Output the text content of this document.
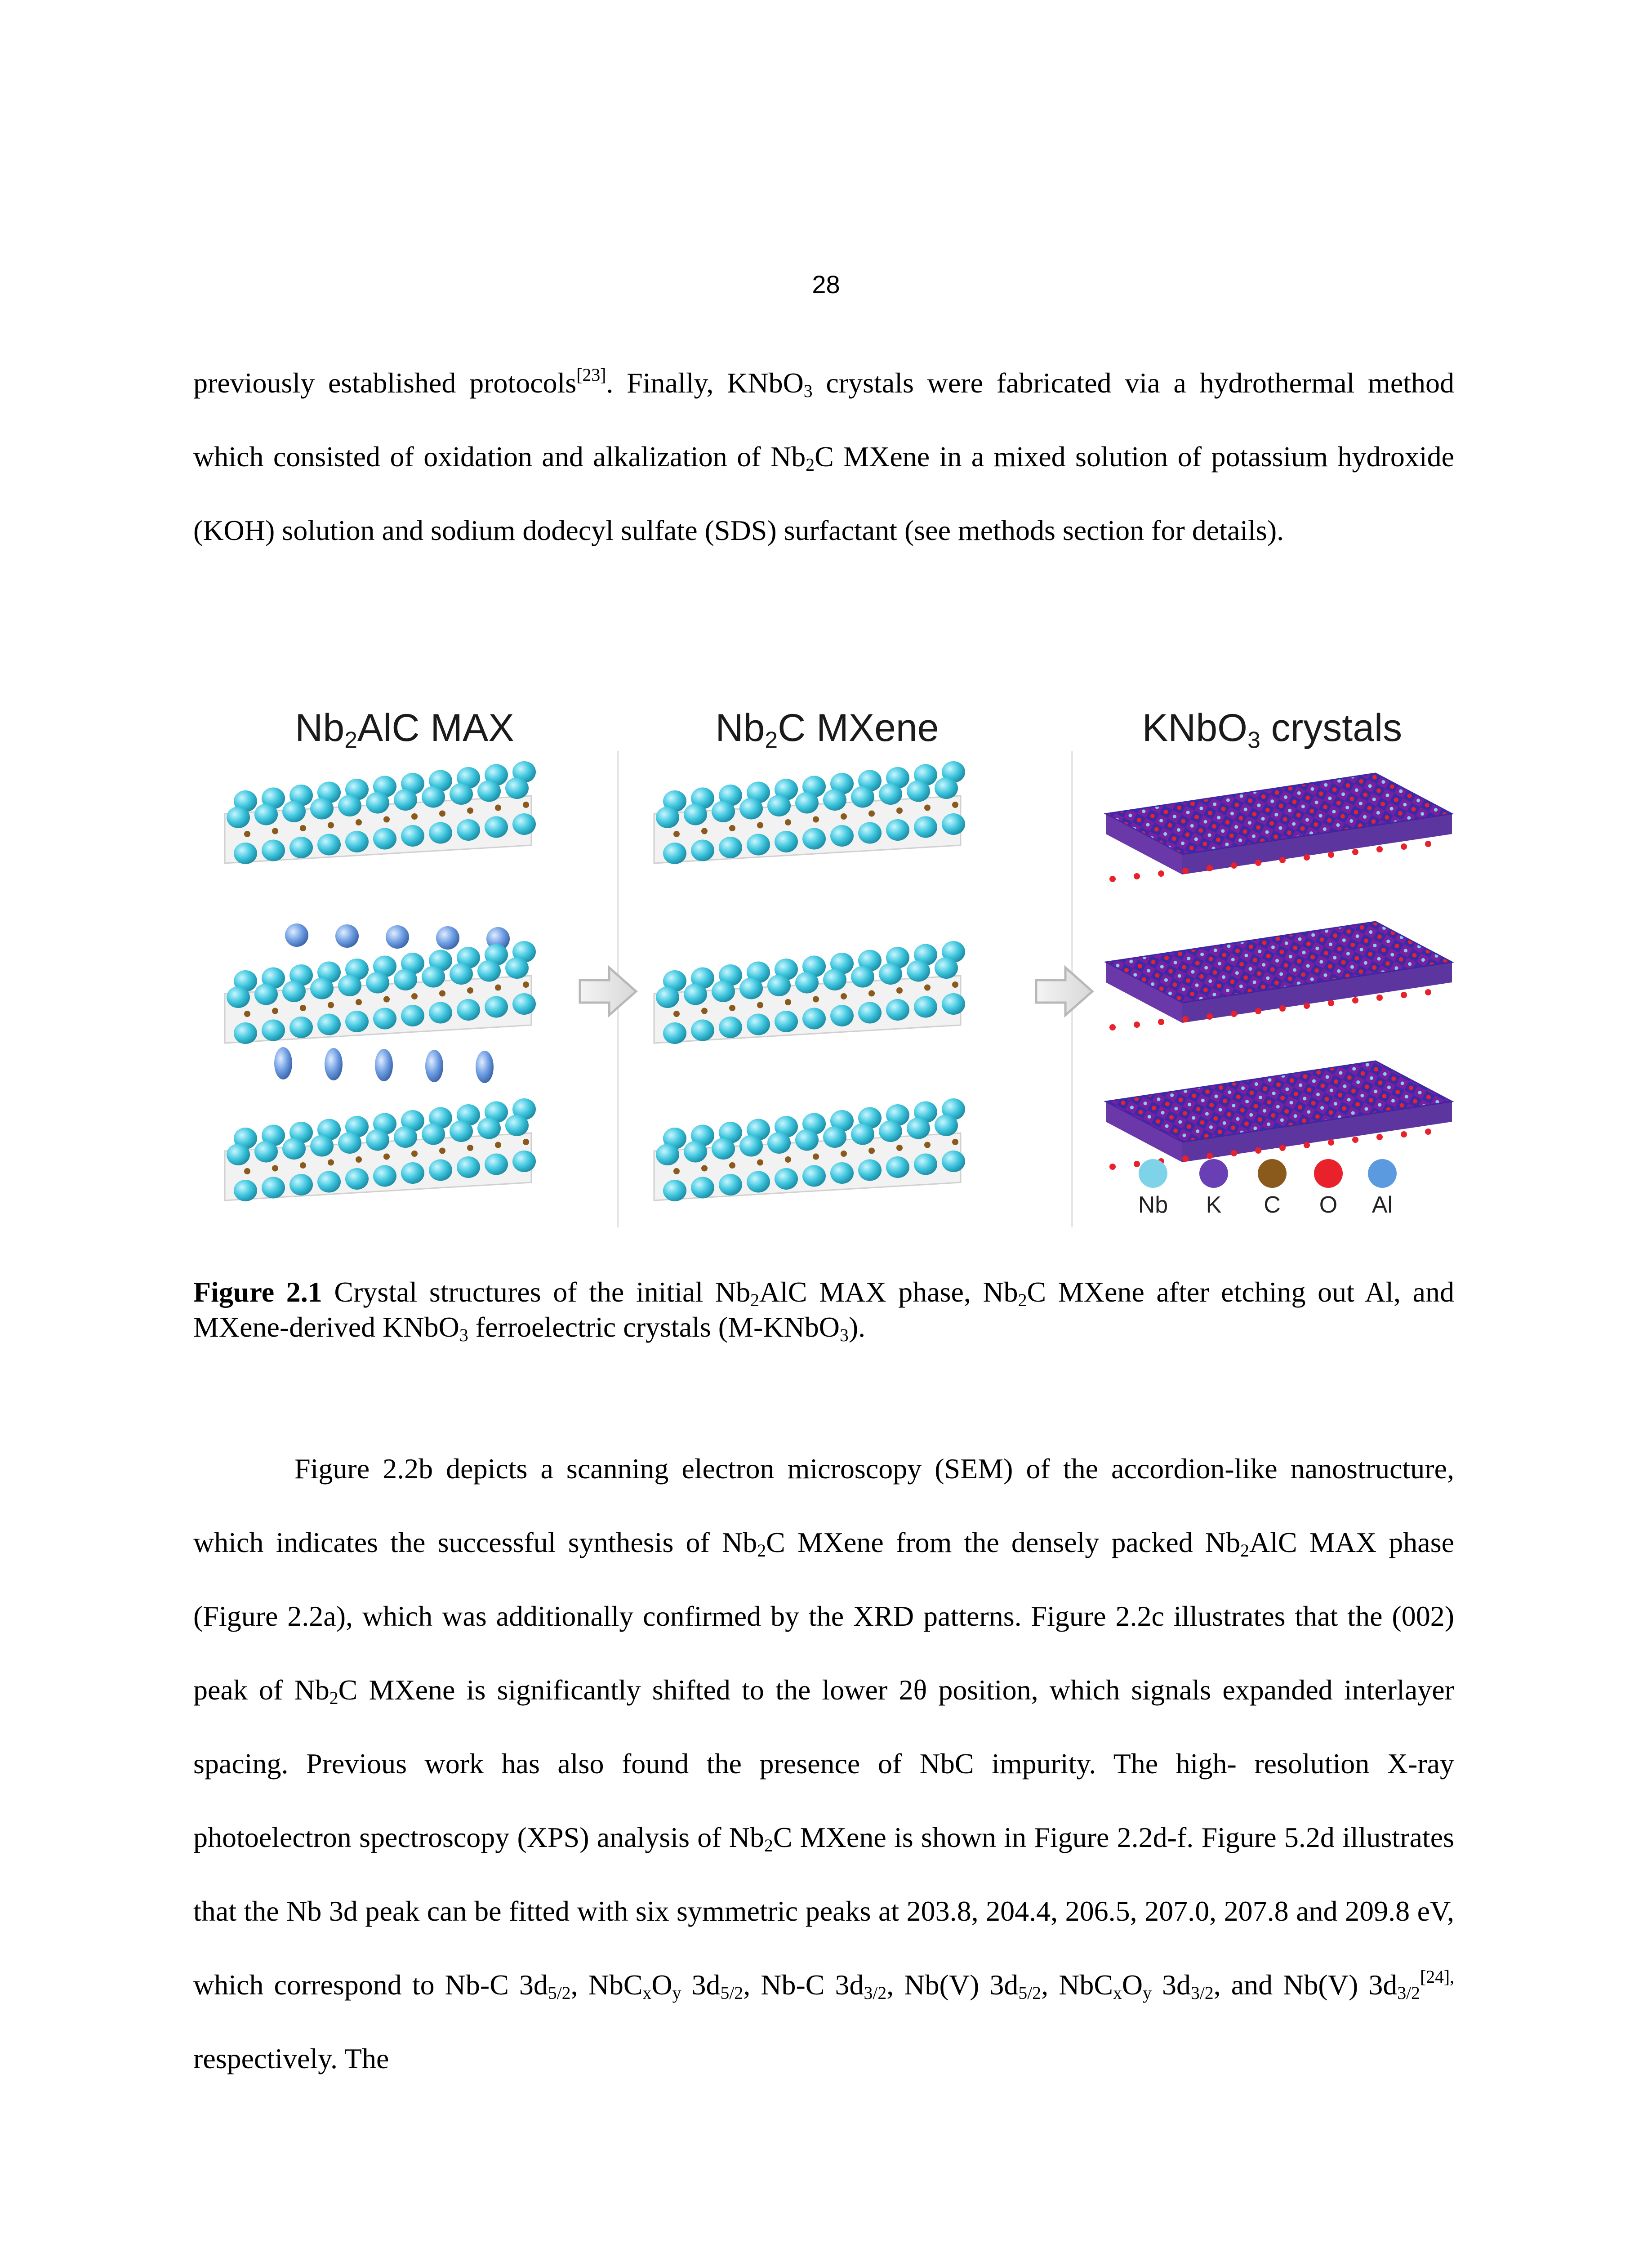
28

previously established protocols[23]. Finally, KNbO$_3$ crystals were fabricated via a hydrothermal method which consisted of oxidation and alkalization of $Nb_2C$ MXene in a mixed solution of potassium hydroxide (KOH) solution and sodium dodecyl sulfate (SDS) surfactant (see methods section for details).

$Nb_2AlC$ MAX	$Nb_2C$ MXene	KNbO$_3$ crystals
Nb	K	C	O	Al
Figure 2.1 Crystal structures of the initial $Nb_2AlC$ MAX phase, $Nb_2C$ MXene after etching out Al, and MXene-derived KNbO$_3$ ferroelectric crystals (M-KNbO$_3$).

Figure 2.2b depicts a scanning electron microscopy (SEM) of the accordion-like nanostructure, which indicates the successful synthesis of $Nb_2C$ MXene from the densely packed $Nb_2AlC$ MAX phase (Figure 2.2a), which was additionally confirmed by the XRD patterns. Figure 2.2c illustrates that the (002) peak of $Nb_2C$ MXene is significantly shifted to the lower 2θ position, which signals expanded interlayer spacing. Previous work has also found the presence of NbC impurity. The high- resolution X-ray photoelectron spectroscopy (XPS) analysis of $Nb_2C$ MXene is shown in Figure 2.2d-f. Figure 5.2d illustrates that the Nb 3d peak can be fitted with six symmetric peaks at 203.8, 204.4, 206.5, 207.0, 207.8 and 209.8 eV, which correspond to Nb-C $3d_{5/2}$, $NbC_xO_y$ $3d_{5/2}$, Nb-C $3d_{3/2}$, Nb(V) $3d_{5/2}$, $NbC_xO_y$ $3d_{3/2}$, and Nb(V) $3d_{3/2}^{[24],}$ respectively. The
